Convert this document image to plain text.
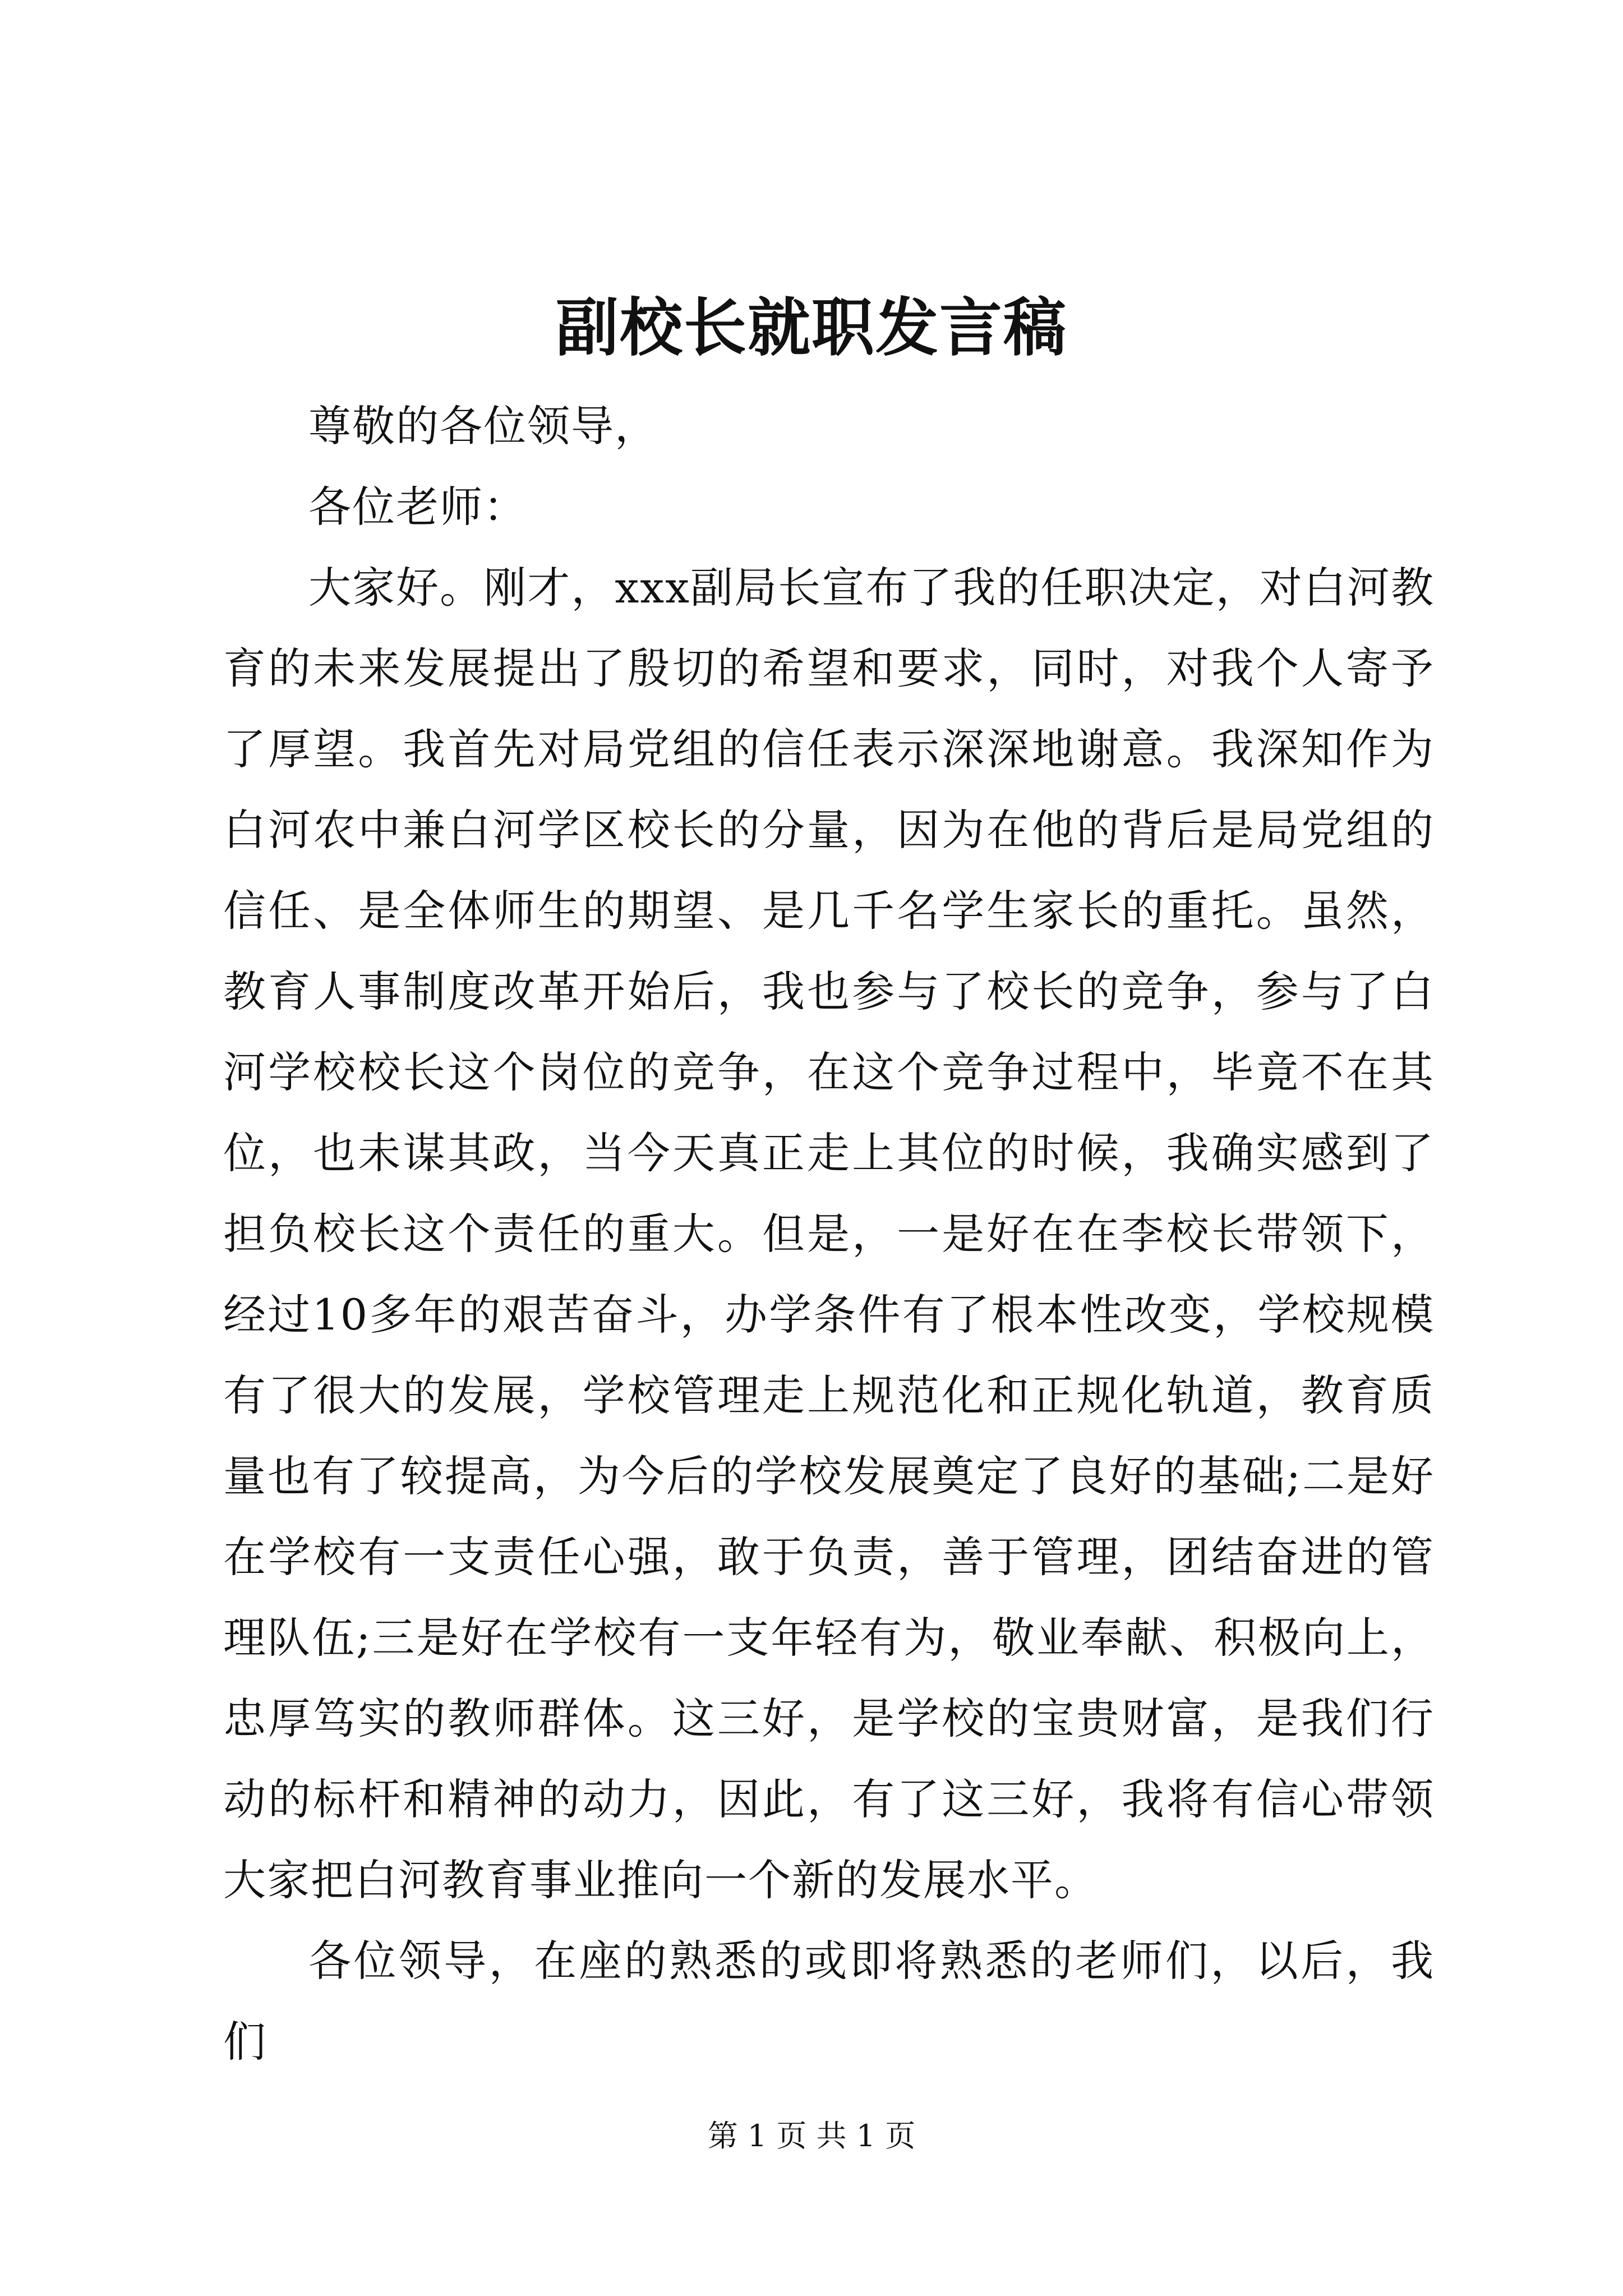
副校长就职发言稿

尊敬的各位领导，

各位老师：

大家好。刚才，xxx副局长宣布了我的任职决定，对白河教育的未来发展提出了殷切的希望和要求，同时，对我个人寄予了厚望。我首先对局党组的信任表示深深地谢意。我深知作为白河农中兼白河学区校长的分量，因为在他的背后是局党组的信任、是全体师生的期望、是几千名学生家长的重托。虽然，教育人事制度改革开始后，我也参与了校长的竞争，参与了白河学校校长这个岗位的竞争，在这个竞争过程中，毕竟不在其位，也未谋其政，当今天真正走上其位的时候，我确实感到了担负校长这个责任的重大。但是，一是好在在李校长带领下，经过10多年的艰苦奋斗，办学条件有了根本性改变，学校规模有了很大的发展，学校管理走上规范化和正规化轨道，教育质量也有了较提高，为今后的学校发展奠定了良好的基础;二是好在学校有一支责任心强，敢于负责，善于管理，团结奋进的管理队伍;三是好在学校有一支年轻有为，敬业奉献、积极向上，忠厚笃实的教师群体。这三好，是学校的宝贵财富，是我们行动的标杆和精神的动力，因此，有了这三好，我将有信心带领大家把白河教育事业推向一个新的发展水平。

各位领导，在座的熟悉的或即将熟悉的老师们，以后，我们

第 1 页 共 1 页
